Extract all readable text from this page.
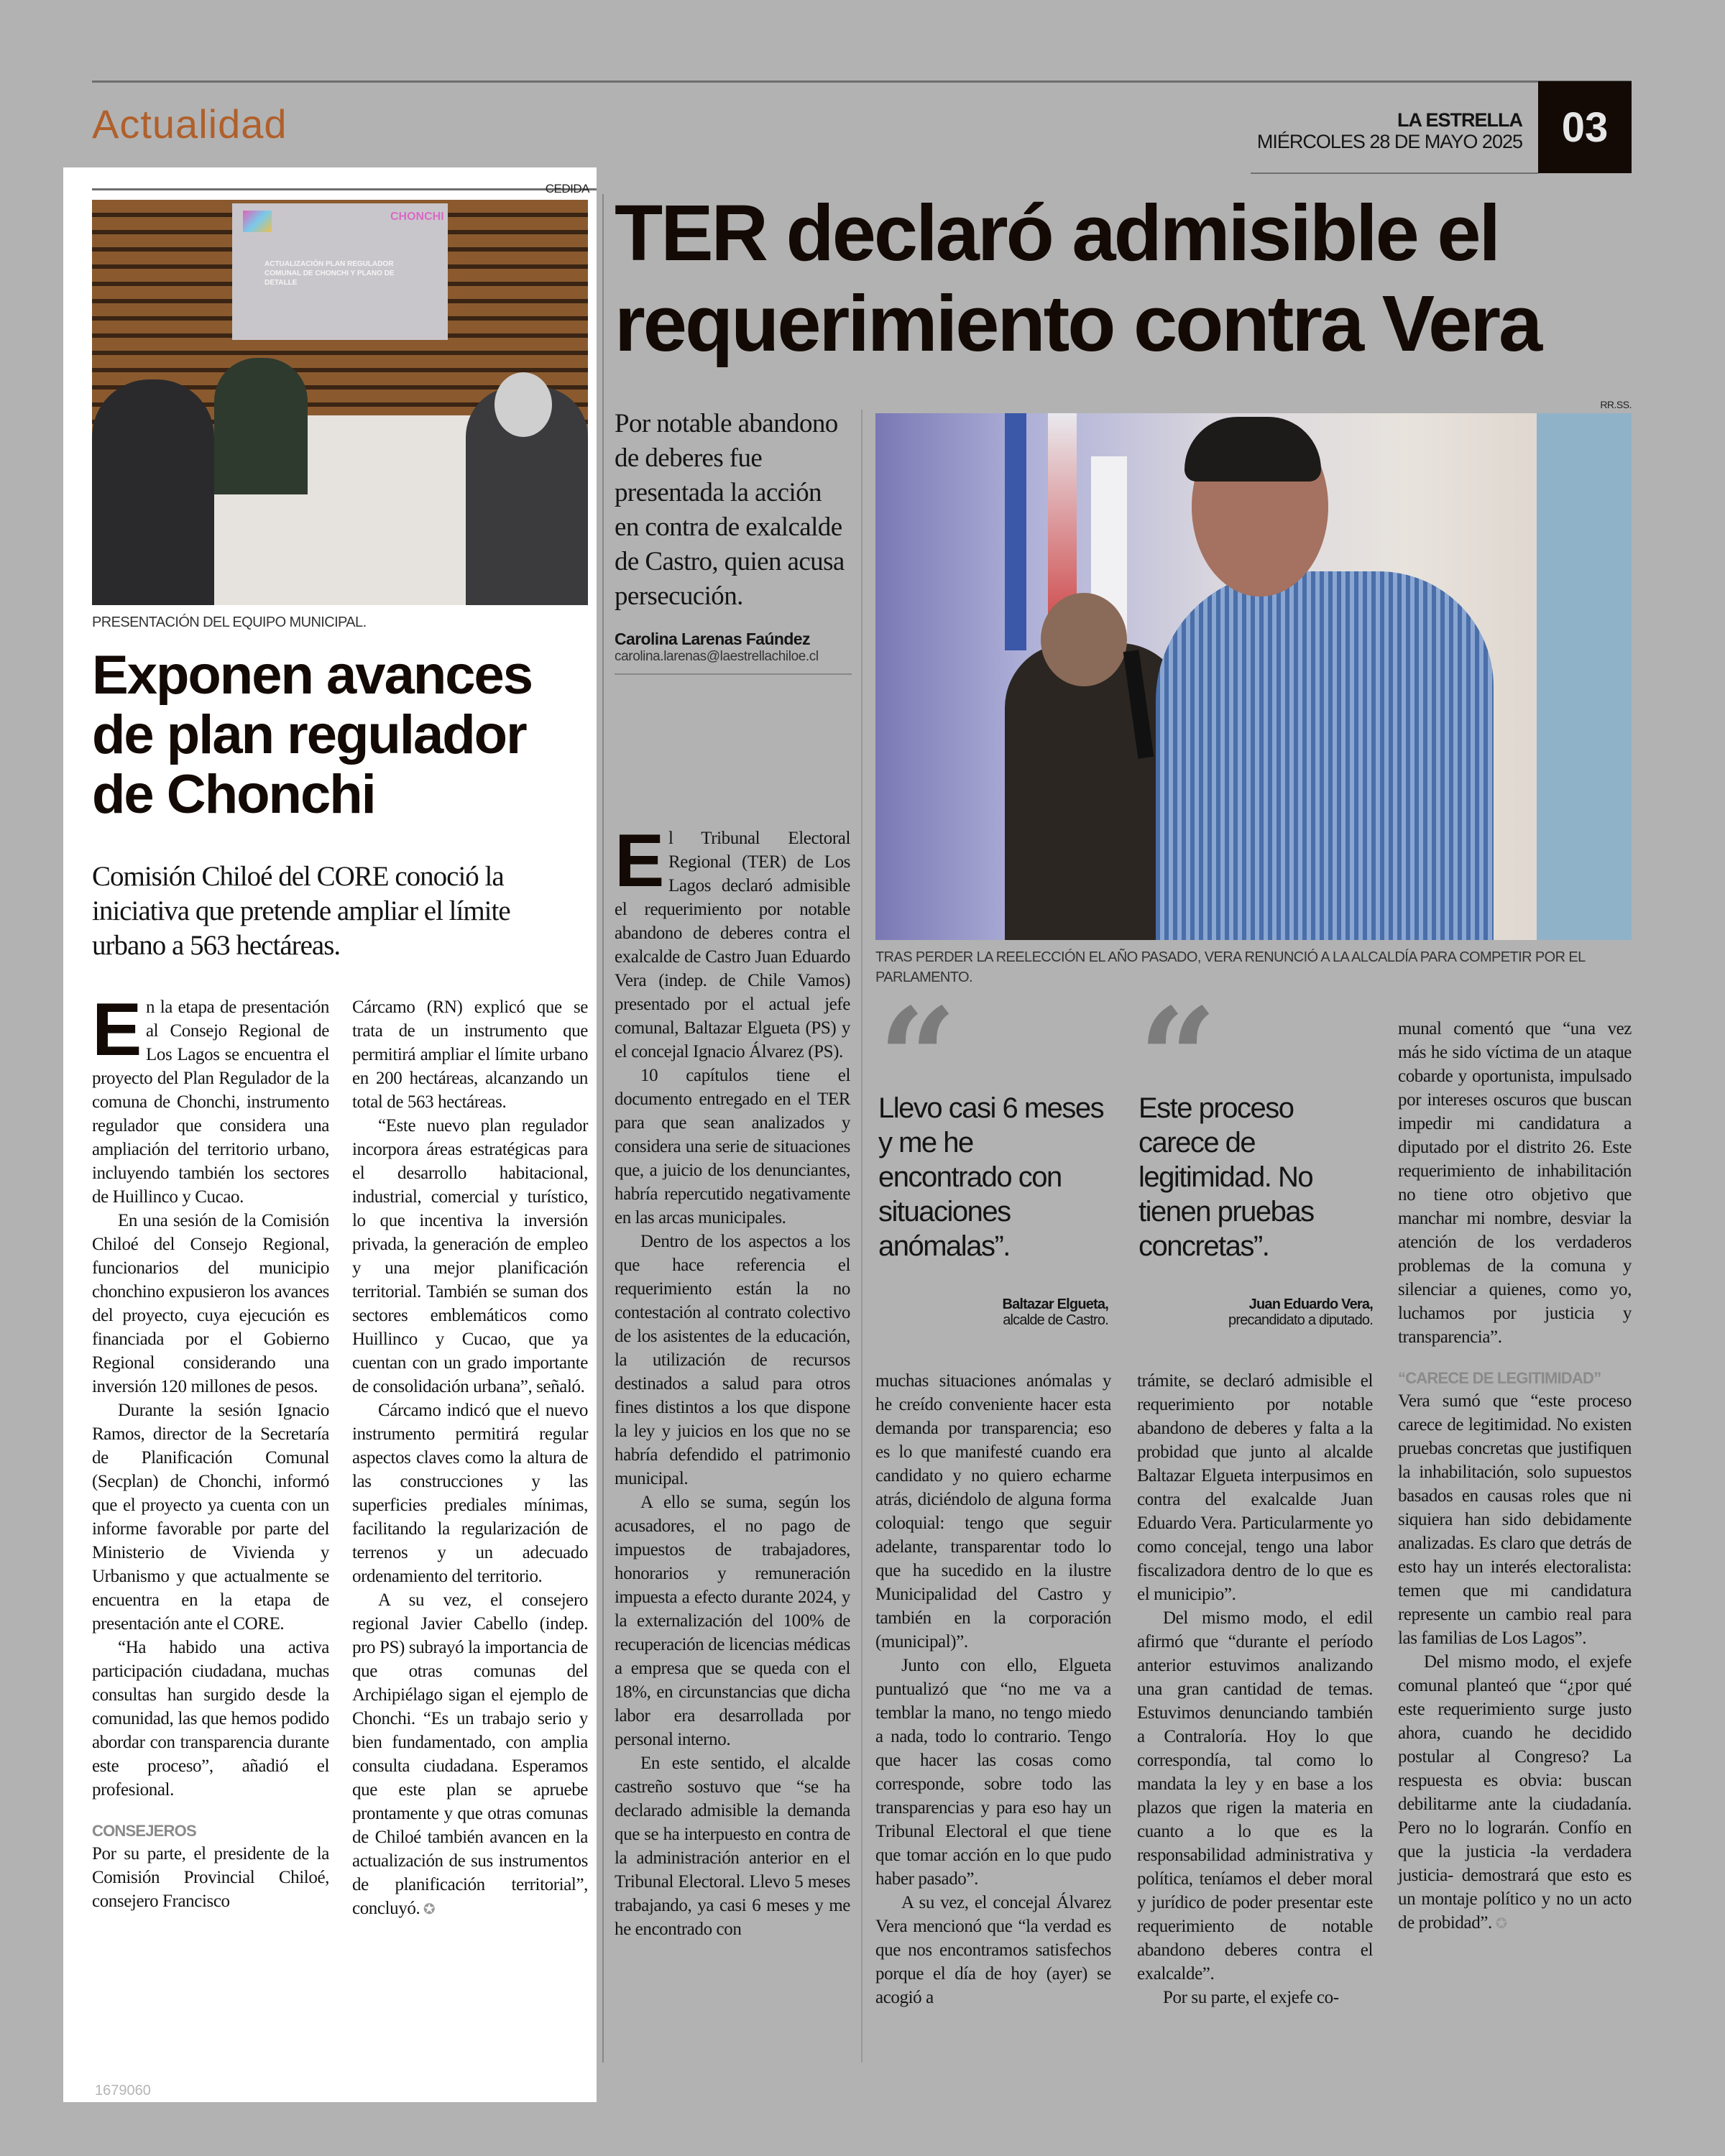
Actualidad	LA ESTRELLA
MIÉRCOLES 28 DE MAYO 2025 03
CEDIDA
CHONCHI
ACTUALIZACIÓN PLAN REGULADOR COMUNAL DE CHONCHI Y PLANO DE DETALLE
PRESENTACIÓN DEL EQUIPO MUNICIPAL.
Exponen avances de plan regulador de Chonchi
Comisión Chiloé del CORE conoció la iniciativa que pretende ampliar el límite urbano a 563 hectáreas.

En la etapa de presentación al Consejo Regional de Los Lagos se encuentra el proyecto del Plan Regulador de la comuna de Chonchi, instrumento regulador que considera una ampliación del territorio urbano, incluyendo también los sectores de Huillinco y Cucao.

En una sesión de la Comisión Chiloé del Consejo Regional, funcionarios del municipio chonchino expusieron los avances del proyecto, cuya ejecución es financiada por el Gobierno Regional considerando una inversión 120 millones de pesos.

Durante la sesión Ignacio Ramos, director de la Secretaría de Planificación Comunal (Secplan) de Chonchi, informó que el proyecto ya cuenta con un informe favorable por parte del Ministerio de Vivienda y Urbanismo y que actualmente se encuentra en la etapa de presentación ante el CORE.

“Ha habido una activa participación ciudadana, muchas consultas han surgido desde la comunidad, las que hemos podido abordar con transparencia durante este proceso”, añadió el profesional.

CONSEJEROS

Por su parte, el presidente de la Comisión Provincial Chiloé, consejero Francisco

Cárcamo (RN) explicó que se trata de un instrumento que permitirá ampliar el límite urbano en 200 hectáreas, alcanzando un total de 563 hectáreas.

“Este nuevo plan regulador incorpora áreas estratégicas para el desarrollo habitacional, industrial, comercial y turístico, lo que incentiva la inversión privada, la generación de empleo y una mejor planificación territorial. También se suman dos sectores emblemáticos como Huillinco y Cucao, que ya cuentan con un grado importante de consolidación urbana”, señaló.

Cárcamo indicó que el nuevo instrumento permitirá regular aspectos claves como la altura de las construcciones y las superficies prediales mínimas, facilitando la regularización de terrenos y un adecuado ordenamiento del territorio.

A su vez, el consejero regional Javier Cabello (indep. pro PS) subrayó la importancia de que otras comunas del Archipiélago sigan el ejemplo de Chonchi. “Es un trabajo serio y bien fundamentado, con amplia consulta ciudadana. Esperamos que este plan se apruebe prontamente y que otras comunas de Chiloé también avancen en la actualización de sus instrumentos de planificación territorial”, concluyó. ✪

1679060
TER declaró admisible el requerimiento contra Vera
Por notable abandono de deberes fue presentada la acción en contra de exalcalde de Castro, quien acusa persecución.
Carolina Larenas Faúndez
carolina.larenas@laestrellachiloe.cl
RR.SS.
TRAS PERDER LA REELECCIÓN EL AÑO PASADO, VERA RENUNCIÓ A LA ALCALDÍA PARA COMPETIR POR EL PARLAMENTO.
Llevo casi 6 meses y me he encontrado con situaciones anómalas”.
Baltazar Elgueta,
alcalde de Castro.
Este proceso carece de legitimidad. No tienen pruebas concretas”.
Juan Eduardo Vera,
precandidato a diputado.

El Tribunal Electoral Regional (TER) de Los Lagos declaró admisible el requerimiento por notable abandono de deberes contra el exalcalde de Castro Juan Eduardo Vera (indep. de Chile Vamos) presentado por el actual jefe comunal, Baltazar Elgueta (PS) y el concejal Ignacio Álvarez (PS).

10 capítulos tiene el documento entregado en el TER para que sean analizados y considera una serie de situaciones que, a juicio de los denunciantes, habría repercutido negativamente en las arcas municipales.

Dentro de los aspectos a los que hace referencia el requerimiento están la no contestación al contrato colectivo de los asistentes de la educación, la utilización de recursos destinados a salud para otros fines distintos a los que dispone la ley y juicios en los que no se habría defendido el patrimonio municipal.

A ello se suma, según los acusadores, el no pago de impuestos de trabajadores, honorarios y remuneración impuesta a efecto durante 2024, y la externalización del 100% de recuperación de licencias médicas a empresa que se queda con el 18%, en circunstancias que dicha labor era desarrollada por personal interno.

En este sentido, el alcalde castreño sostuvo que “se ha declarado admisible la demanda que se ha interpuesto en contra de la administración anterior en el Tribunal Electoral. Llevo 5 meses trabajando, ya casi 6 meses y me he encontrado con

muchas situaciones anómalas y he creído conveniente hacer esta demanda por transparencia; eso es lo que manifesté cuando era candidato y no quiero echarme atrás, diciéndolo de alguna forma coloquial: tengo que seguir adelante, transparentar todo lo que ha sucedido en la ilustre Municipalidad del Castro y también en la corporación (municipal)”.

Junto con ello, Elgueta puntualizó que “no me va a temblar la mano, no tengo miedo a nada, todo lo contrario. Tengo que hacer las cosas como corresponde, sobre todo las transparencias y para eso hay un Tribunal Electoral el que tiene que tomar acción en lo que pudo haber pasado”.

A su vez, el concejal Álvarez Vera mencionó que “la verdad es que nos encontramos satisfechos porque el día de hoy (ayer) se acogió a

trámite, se declaró admisible el requerimiento por notable abandono de deberes y falta a la probidad que junto al alcalde Baltazar Elgueta interpusimos en contra del exalcalde Juan Eduardo Vera. Particularmente yo como concejal, tengo una labor fiscalizadora dentro de lo que es el municipio”.

Del mismo modo, el edil afirmó que “durante el período anterior estuvimos analizando una gran cantidad de temas. Estuvimos denunciando también a Contraloría. Hoy lo que correspondía, tal como lo mandata la ley y en base a los plazos que rigen la materia en cuanto a lo que es la responsabilidad administrativa y política, teníamos el deber moral y jurídico de poder presentar este requerimiento de notable abandono deberes contra el exalcalde”.

Por su parte, el exjefe co-

munal comentó que “una vez más he sido víctima de un ataque cobarde y oportunista, impulsado por intereses oscuros que buscan impedir mi candidatura a diputado por el distrito 26. Este requerimiento de inhabilitación no tiene otro objetivo que manchar mi nombre, desviar la atención de los verdaderos problemas de la comuna y silenciar a quienes, como yo, luchamos por justicia y transparencia”.

“CARECE DE LEGITIMIDAD”

Vera sumó que “este proceso carece de legitimidad. No existen pruebas concretas que justifiquen la inhabilitación, solo supuestos basados en causas roles que ni siquiera han sido debidamente analizadas. Es claro que detrás de esto hay un interés electoralista: temen que mi candidatura represente un cambio real para las familias de Los Lagos”.

Del mismo modo, el exjefe comunal planteó que “¿por qué este requerimiento surge justo ahora, cuando he decidido postular al Congreso? La respuesta es obvia: buscan debilitarme ante la ciudadanía. Pero no lo lograrán. Confío en que la justicia -la verdadera justicia- demostrará que esto es un montaje político y no un acto de probidad”. ✪
